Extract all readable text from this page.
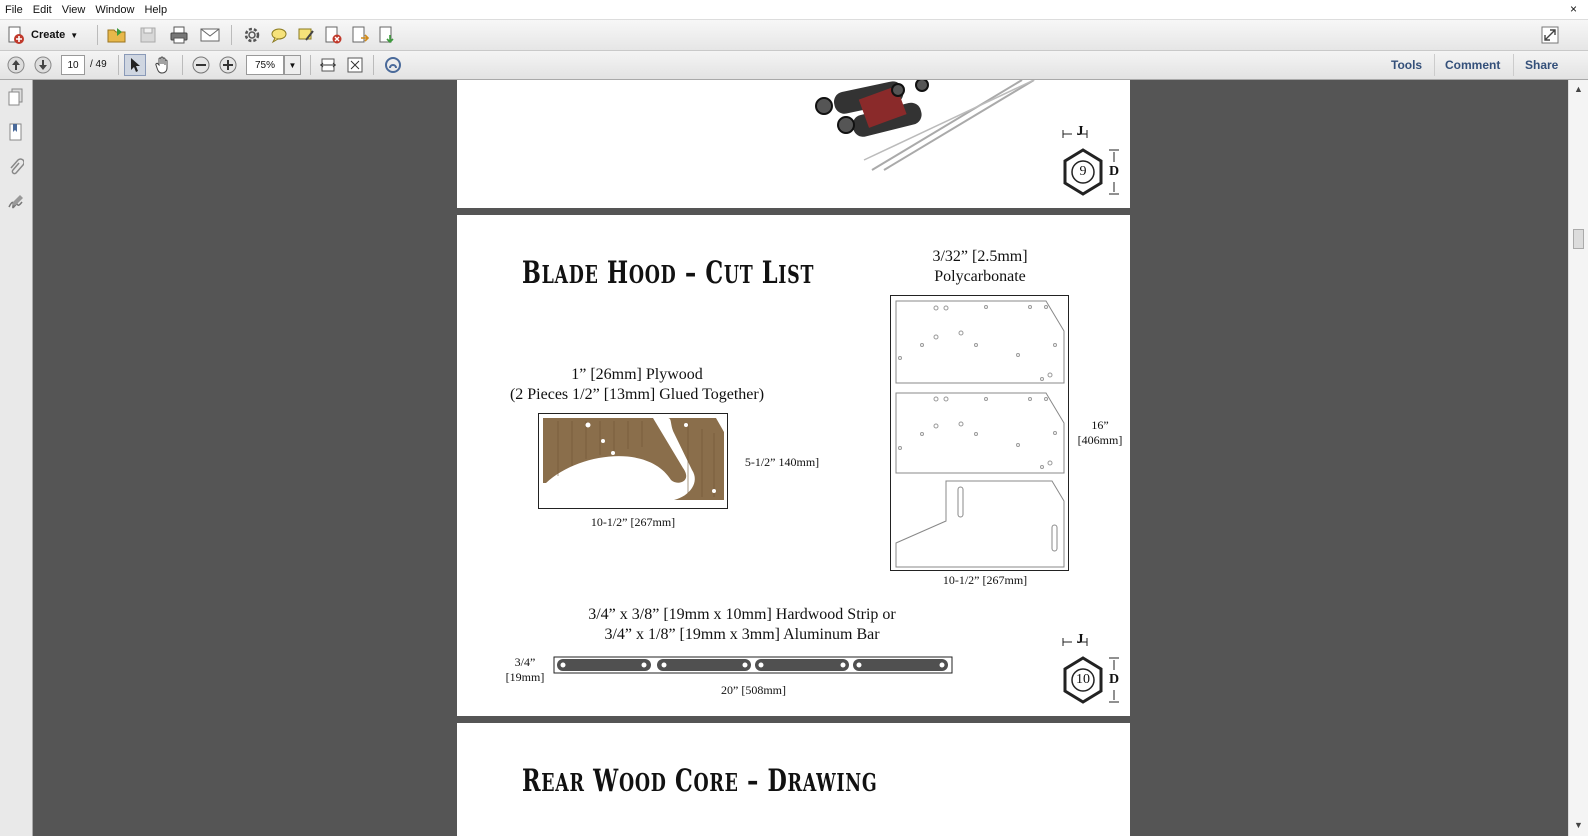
File Edit View Window Help	×
Create ▼
10	/ 49	75%	▼	Tools Comment Share
▲
▼
J
D
9
BLADE HOOD – CUT LIST
3/32” [2.5mm]
Polycarbonate
16”
[406mm]
10-1/2” [267mm]
1” [26mm] Plywood
(2 Pieces 1/2” [13mm] Glued Together)
5-1/2” 140mm]
10-1/2” [267mm]
3/4” x 3/8” [19mm x 10mm] Hardwood Strip or
3/4” x 1/8” [19mm x 3mm] Aluminum Bar
3/4”
[19mm]
20” [508mm]
J
D
10
REAR WOOD CORE – DRAWING
